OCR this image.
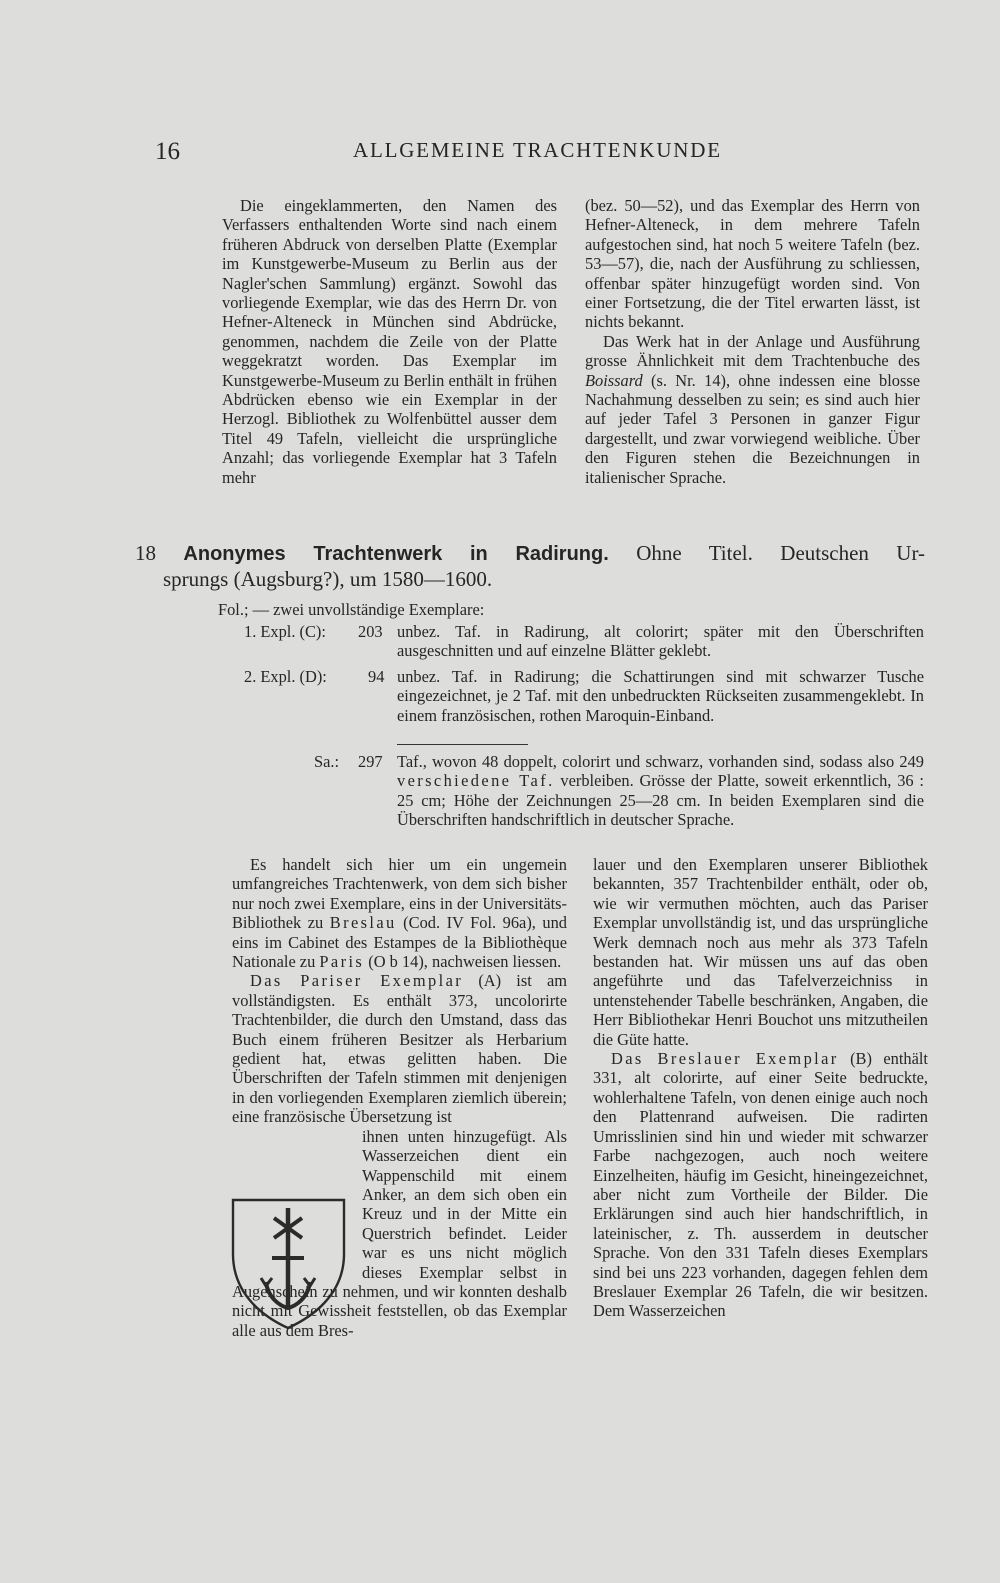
16	ALLGEMEINE TRACHTENKUNDE

Die eingeklammerten, den Namen des Verfassers enthaltenden Worte sind nach einem früheren Abdruck von derselben Platte (Exemplar im Kunstgewerbe-Museum zu Berlin aus der Nagler'schen Sammlung) ergänzt. Sowohl das vorliegende Exemplar, wie das des Herrn Dr. von Hefner-Alteneck in München sind Abdrücke, genommen, nachdem die Zeile von der Platte weggekratzt worden. Das Exemplar im Kunstgewerbe-Museum zu Berlin enthält in frühen Abdrücken ebenso wie ein Exemplar in der Herzogl. Bibliothek zu Wolfenbüttel ausser dem Titel 49 Tafeln, vielleicht die ursprüngliche Anzahl; das vorliegende Exemplar hat 3 Tafeln mehr

(bez. 50—52), und das Exemplar des Herrn von Hefner-Alteneck, in dem mehrere Tafeln aufgestochen sind, hat noch 5 weitere Tafeln (bez. 53—57), die, nach der Ausführung zu schliessen, offenbar später hinzugefügt worden sind. Von einer Fortsetzung, die der Titel erwarten lässt, ist nichts bekannt.

Das Werk hat in der Anlage und Ausführung grosse Ähnlichkeit mit dem Trachtenbuche des Boissard (s. Nr. 14), ohne indessen eine blosse Nachahmung desselben zu sein; es sind auch hier auf jeder Tafel 3 Personen in ganzer Figur dargestellt, und zwar vorwiegend weibliche. Über den Figuren stehen die Bezeichnungen in italienischer Sprache.

18 Anonymes Trachtenwerk in Radirung. Ohne Titel. Deutschen Ur-
sprungs (Augsburg?), um 1580—1600.
Fol.; — zwei unvollständige Exemplare:
1. Expl. (C): 203 unbez. Taf. in Radirung, alt colorirt; später mit den Überschriften ausgeschnitten und auf einzelne Blätter geklebt.
2. Expl. (D):	94 unbez. Taf. in Radirung; die Schattirungen sind mit schwarzer Tusche eingezeichnet, je 2 Taf. mit den unbedruckten Rückseiten zusammengeklebt. In einem französischen, rothen Maroquin-Einband.
Sa.: 297 Taf., wovon 48 doppelt, colorirt und schwarz, vorhanden sind, sodass also 249 verschiedene Taf. verbleiben. Grösse der Platte, soweit erkenntlich, 36 : 25 cm; Höhe der Zeichnungen 25—28 cm. In beiden Exemplaren sind die Überschriften handschriftlich in deutscher Sprache.

Es handelt sich hier um ein ungemein umfangreiches Trachtenwerk, von dem sich bisher nur noch zwei Exemplare, eins in der Universitäts-Bibliothek zu Breslau (Cod. IV Fol. 96a), und eins im Cabinet des Estampes de la Bibliothèque Nationale zu Paris (O b 14), nachweisen liessen.

Das Pariser Exemplar (A) ist am vollständigsten. Es enthält 373, uncolorirte Trachtenbilder, die durch den Umstand, dass das Buch einem früheren Besitzer als Herbarium gedient hat, etwas gelitten haben. Die Überschriften der Tafeln stimmen mit denjenigen in den vorliegenden Exemplaren ziemlich überein; eine französische Übersetzung ist

ihnen unten hinzugefügt. Als Wasserzeichen dient ein Wappenschild mit einem Anker, an dem sich oben ein Kreuz und in der Mitte ein Querstrich befindet. Leider war es uns nicht möglich dieses Exemplar selbst in Augenschein zu nehmen, und wir konnten deshalb nicht mit Gewissheit feststellen, ob das Exemplar alle aus dem Bres-

lauer und den Exemplaren unserer Bibliothek bekannten, 357 Trachtenbilder enthält, oder ob, wie wir vermuthen möchten, auch das Pariser Exemplar unvollständig ist, und das ursprüngliche Werk demnach noch aus mehr als 373 Tafeln bestanden hat. Wir müssen uns auf das oben angeführte und das Tafelverzeichniss in untenstehender Tabelle beschränken, Angaben, die Herr Bibliothekar Henri Bouchot uns mitzutheilen die Güte hatte.

Das Breslauer Exemplar (B) enthält 331, alt colorirte, auf einer Seite bedruckte, wohlerhaltene Tafeln, von denen einige auch noch den Plattenrand aufweisen. Die radirten Umrisslinien sind hin und wieder mit schwarzer Farbe nachgezogen, auch noch weitere Einzelheiten, häufig im Gesicht, hineingezeichnet, aber nicht zum Vortheile der Bilder. Die Erklärungen sind auch hier handschriftlich, in lateinischer, z. Th. ausserdem in deutscher Sprache. Von den 331 Tafeln dieses Exemplars sind bei uns 223 vorhanden, dagegen fehlen dem Breslauer Exemplar 26 Tafeln, die wir besitzen. Dem Wasserzeichen
